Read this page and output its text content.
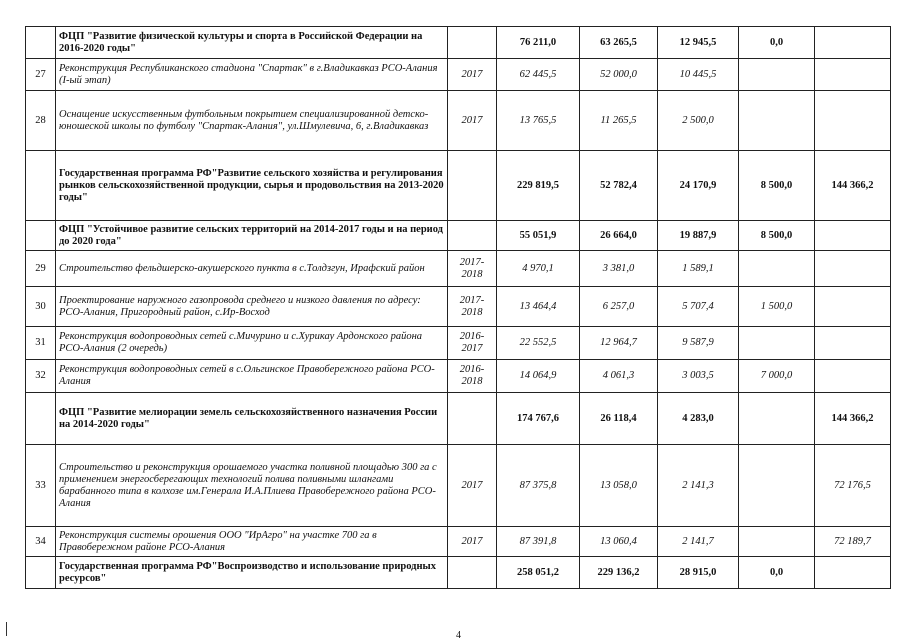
	ФЦП "Развитие физической культуры и спорта в Российской Федерации на 2016-2020 годы"		76 211,0	63 265,5	12 945,5	0,0	
27	Реконструкция Республиканского стадиона "Спартак" в г.Владикавказ РСО-Алания (I-ый этап)	2017	62 445,5	52 000,0	10 445,5		
28	Оснащение искусственным футбольным покрытием специализированной детско-юношеской школы по футболу "Спартак-Алания", ул.Шмулевича, 6, г.Владикавказ	2017	13 765,5	11 265,5	2 500,0		
	Государственная программа РФ"Развитие сельского хозяйства и регулирования рынков сельскохозяйственной продукции, сырья и продовольствия на 2013-2020 годы"		229 819,5	52 782,4	24 170,9	8 500,0	144 366,2
	ФЦП "Устойчивое развитие сельских территорий на 2014-2017 годы и на период до 2020 года"		55 051,9	26 664,0	19 887,9	8 500,0	
29	Строительство фельдшерско-акушерского пункта в с.Толдзгун, Ирафский район	2017-2018	4 970,1	3 381,0	1 589,1		
30	Проектирование наружного газопровода среднего и низкого давления по адресу: РСО-Алания, Пригородный район, с.Ир-Восход	2017-2018	13 464,4	6 257,0	5 707,4	1 500,0	
31	Реконструкция водопроводных сетей с.Мичурино и с.Хурикау Ардонского района РСО-Алания (2 очередь)	2016-2017	22 552,5	12 964,7	9 587,9		
32	Реконструкция водопроводных сетей в с.Ольгинское Правобережного района РСО-Алания	2016-2018	14 064,9	4 061,3	3 003,5	7 000,0	
	ФЦП "Развитие мелиорации земель сельскохозяйственного назначения России на 2014-2020 годы"		174 767,6	26 118,4	4 283,0		144 366,2
33	Строительство и реконструкция орошаемого участка поливной площадью 300 га с применением энергосберегающих технологий полива поливными шлангами барабанного типа в колхозе им.Генерала И.А.Плиева Правобережного района РСО-Алания	2017	87 375,8	13 058,0	2 141,3		72 176,5
34	Реконструкция системы орошения ООО "ИрАгро" на участке 700 га в Правобережном районе РСО-Алания	2017	87 391,8	13 060,4	2 141,7		72 189,7
	Государственная программа РФ"Воспроизводство и использование природных ресурсов"		258 051,2	229 136,2	28 915,0	0,0	
4
